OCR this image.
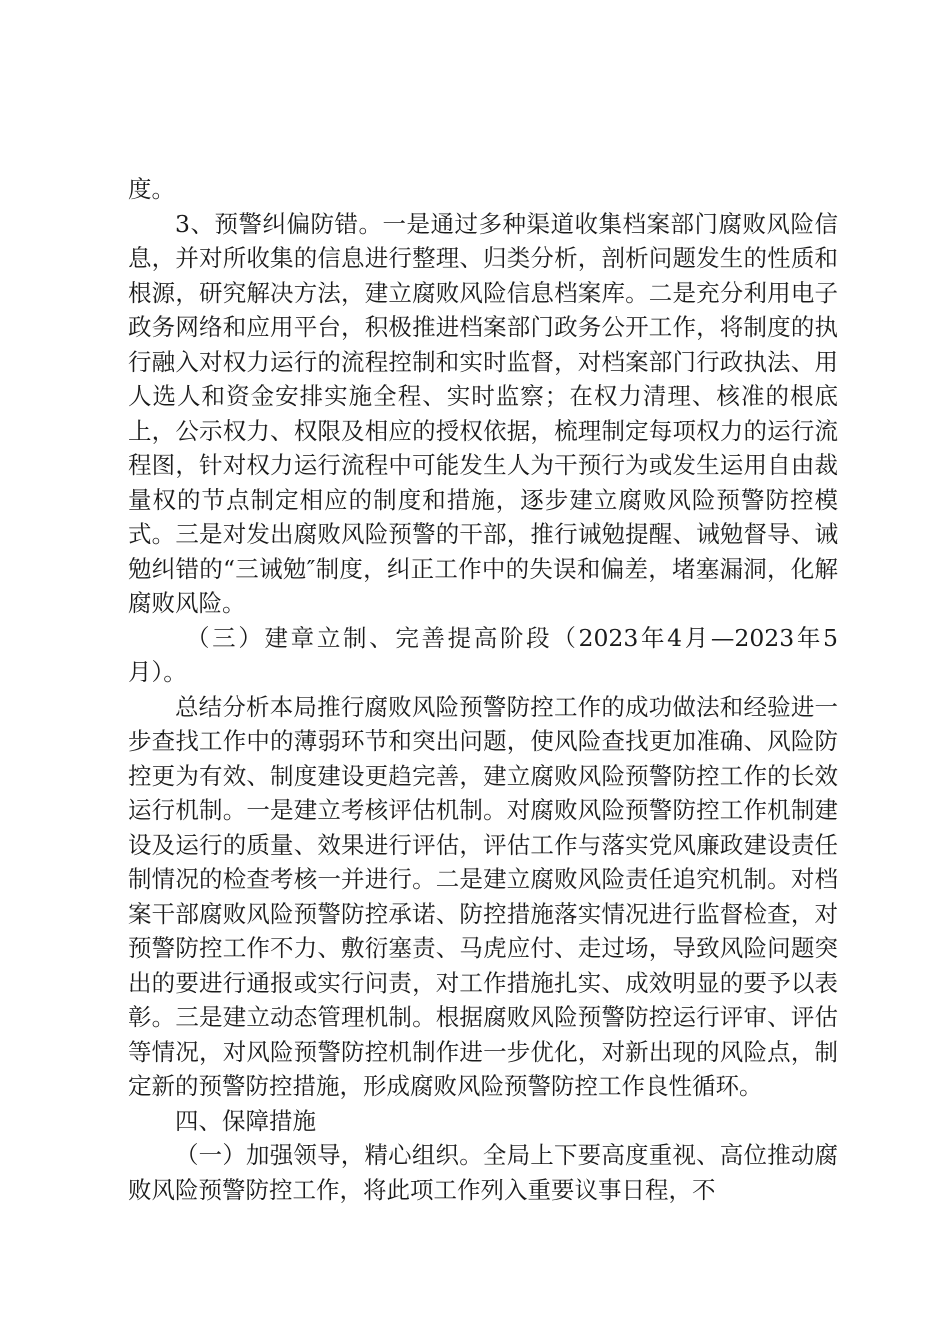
度。

3、预警纠偏防错。一是通过多种渠道收集档案部门腐败风险信息，并对所收集的信息进行整理、归类分析，剖析问题发生的性质和根源，研究解决方法，建立腐败风险信息档案库。二是充分利用电子政务网络和应用平台，积极推进档案部门政务公开工作，将制度的执行融入对权力运行的流程控制和实时监督，对档案部门行政执法、用人选人和资金安排实施全程、实时监察；在权力清理、核准的根底上，公示权力、权限及相应的授权依据，梳理制定每项权力的运行流程图，针对权力运行流程中可能发生人为干预行为或发生运用自由裁量权的节点制定相应的制度和措施，逐步建立腐败风险预警防控模式。三是对发出腐败风险预警的干部，推行诫勉提醒、诫勉督导、诫勉纠错的“三诫勉″制度，纠正工作中的失误和偏差，堵塞漏洞，化解腐败风险。

（三）建章立制、完善提高阶段（2023年4月—2023年5月）。

总结分析本局推行腐败风险预警防控工作的成功做法和经验进一步查找工作中的薄弱环节和突出问题，使风险查找更加准确、风险防控更为有效、制度建设更趋完善，建立腐败风险预警防控工作的长效运行机制。一是建立考核评估机制。对腐败风险预警防控工作机制建设及运行的质量、效果进行评估，评估工作与落实党风廉政建设责任制情况的检查考核一并进行。二是建立腐败风险责任追究机制。对档案干部腐败风险预警防控承诺、防控措施落实情况进行监督检查，对预警防控工作不力、敷衍塞责、马虎应付、走过场，导致风险问题突出的要进行通报或实行问责，对工作措施扎实、成效明显的要予以表彰。三是建立动态管理机制。根据腐败风险预警防控运行评审、评估等情况，对风险预警防控机制作进一步优化，对新出现的风险点，制定新的预警防控措施，形成腐败风险预警防控工作良性循环。

四、保障措施

（一）加强领导，精心组织。全局上下要高度重视、高位推动腐败风险预警防控工作，将此项工作列入重要议事日程，不
